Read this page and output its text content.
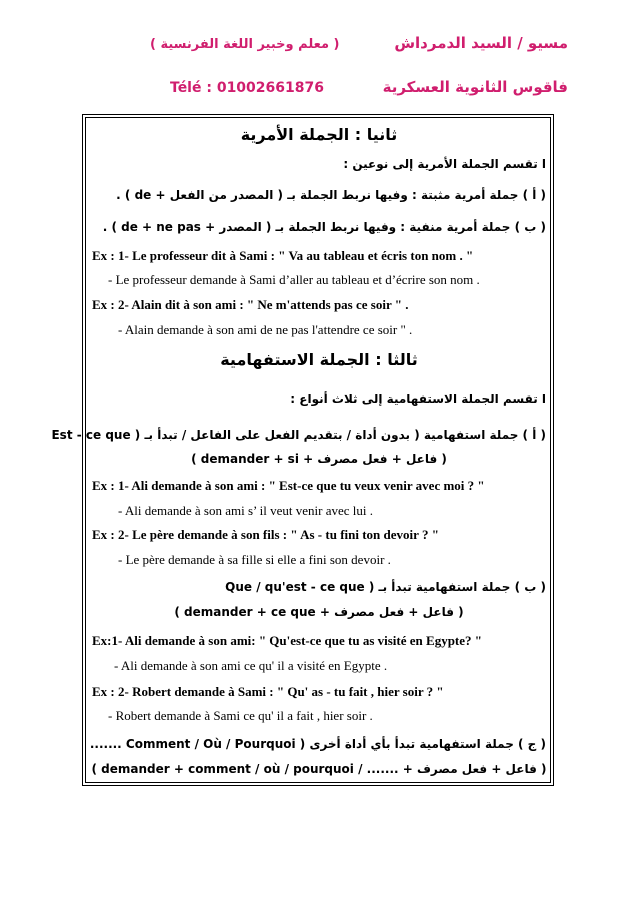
مسيو / السيد الدمرداش
( معلم وخبير اللغة الفرنسية )
فاقوس الثانوية العسكرية
Télé : 01002661876
ثانيا : الجملة الأمرية
ا تقسم الجملة الأمرية إلى نوعين :
( أ ) جملة أمرية مثبتة : وفيها نربط الجملة بـ ( المصدر من الفعل + de ) .
( ب ) جملة أمرية منفية : وفيها نربط الجملة بـ ( المصدر + de + ne pas ) .
Ex : 1- Le professeur dit à Sami : " Va au tableau et écris ton nom . "
- Le professeur demande à Sami d’aller au tableau et d’écrire son nom .
Ex : 2- Alain dit à son ami : " Ne m'attends pas ce soir " .
- Alain demande à son ami de ne pas l'attendre ce soir " .
ثالثا : الجملة الاستفهامية
ا تقسم الجملة الاستفهامية إلى ثلاث أنواع :
( أ ) جملة استفهامية ( بدون أداة / بتقديم الفعل على الفاعل / تبدأ بـ ( Est - ce que
( demander + si + فاعل + فعل مصرف )
Ex : 1- Ali demande à son ami : " Est-ce que tu veux venir avec moi ? "
- Ali demande à son ami s’ il veut venir avec lui .
Ex : 2- Le père demande à son fils : " As - tu fini ton devoir ? "
- Le père demande à sa fille si elle a fini son devoir .
( ب ) جملة استفهامية تبدأ بـ ( Que / qu'est - ce que
( demander + ce que + فاعل + فعل مصرف )
Ex:1- Ali demande à son ami: " Qu'est-ce que tu as visité en Egypte? "
- Ali demande à son ami ce qu' il a visité en Egypte .
Ex : 2- Robert demande à Sami : " Qu' as - tu fait , hier soir ? "
- Robert demande à Sami ce qu' il a fait , hier soir .
( ج ) جملة استفهامية تبدأ بأي أداة أخرى ( Comment / Où / Pourquoi .......
( demander + comment / où / pourquoi / ....... + فاعل + فعل مصرف )
